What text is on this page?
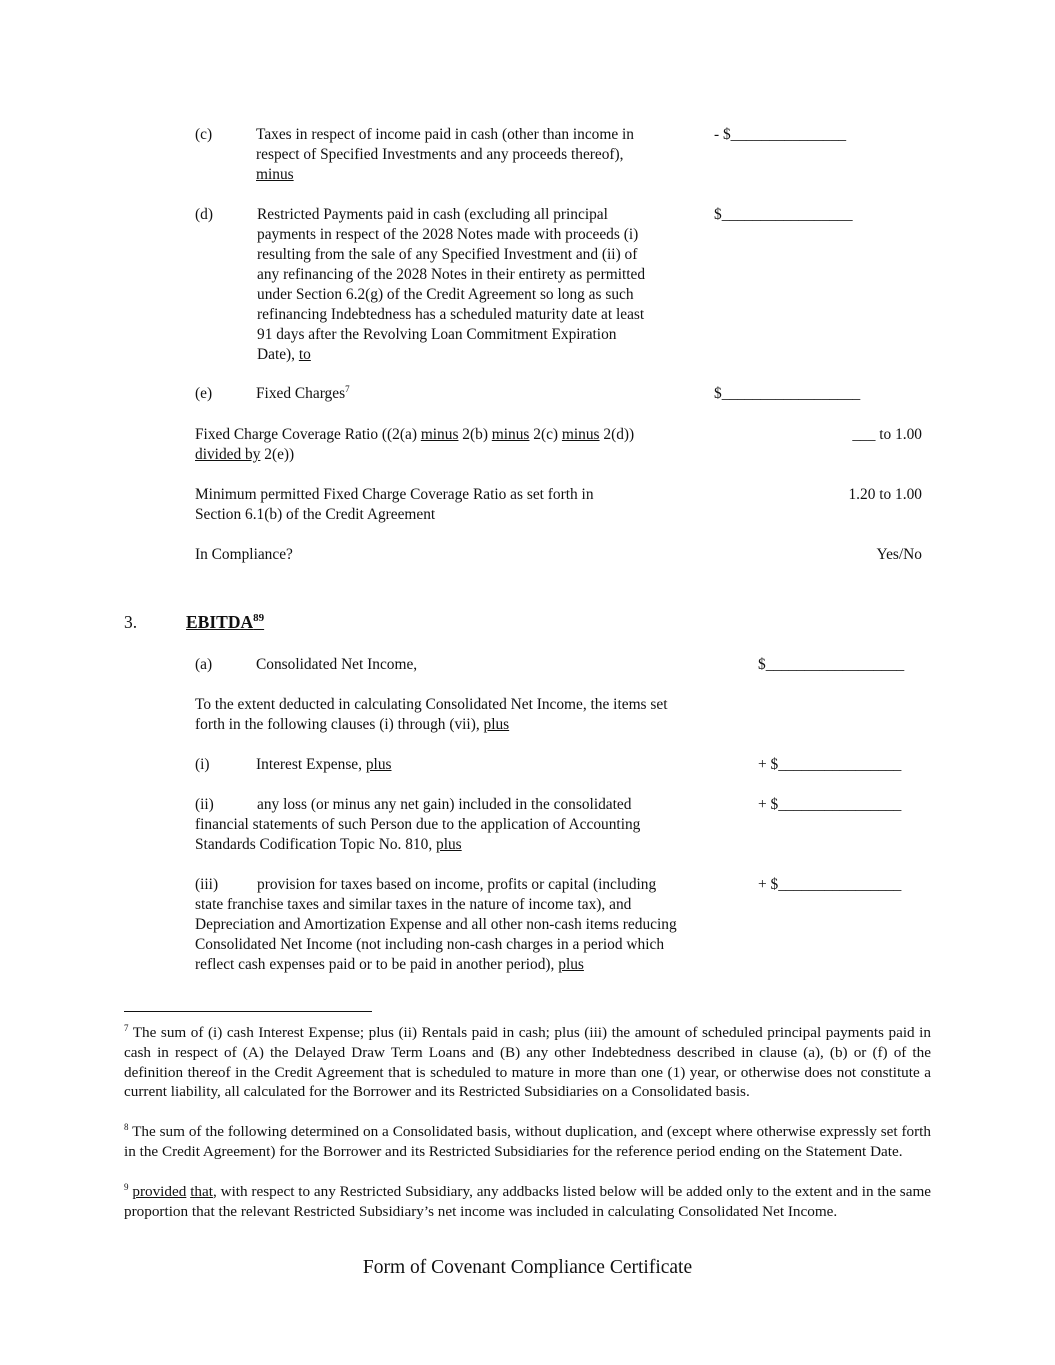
(c)	Taxes in respect of income paid in cash (other than income in
respect of Specified Investments and any proceeds thereof),
minus
- $_______________
(d)	Restricted Payments paid in cash (excluding all principal
payments in respect of the 2028 Notes made with proceeds (i)
resulting from the sale of any Specified Investment and (ii) of
any refinancing of the 2028 Notes in their entirety as permitted
under Section 6.2(g) of the Credit Agreement so long as such
refinancing Indebtedness has a scheduled maturity date at least
91 days after the Revolving Loan Commitment Expiration
Date), to
$_________________
(e)	Fixed Charges$^7$	$__________________
Fixed Charge Coverage Ratio ((2(a) minus 2(b) minus 2(c) minus 2(d))
divided by 2(e))
___ to 1.00
Minimum permitted Fixed Charge Coverage Ratio as set forth in
Section 6.1(b) of the Credit Agreement
1.20 to 1.00
In Compliance?	Yes/No
3.	EBITDA$^{89}$
(a)	Consolidated Net Income,	$__________________
To the extent deducted in calculating Consolidated Net Income, the items set
forth in the following clauses (i) through (vii), plus
(i)	Interest Expense, plus	+ $________________
(ii)	any loss (or minus any net gain) included in the consolidated
financial statements of such Person due to the application of Accounting
Standards Codification Topic No. 810, plus
+ $________________
(iii)	provision for taxes based on income, profits or capital (including
state franchise taxes and similar taxes in the nature of income tax), and
Depreciation and Amortization Expense and all other non-cash items reducing
Consolidated Net Income (not including non-cash charges in a period which
reflect cash expenses paid or to be paid in another period), plus
+ $________________
$^7$ The sum of (i) cash Interest Expense; plus (ii) Rentals paid in cash; plus (iii) the amount of scheduled principal payments paid in cash in respect of (A) the Delayed Draw Term Loans and (B) any other Indebtedness described in clause (a), (b) or (f) of the definition thereof in the Credit Agreement that is scheduled to mature in more than one (1) year, or otherwise does not constitute a current liability, all calculated for the Borrower and its Restricted Subsidiaries on a Consolidated basis.
$^8$ The sum of the following determined on a Consolidated basis, without duplication, and (except where otherwise expressly set forth in the Credit Agreement) for the Borrower and its Restricted Subsidiaries for the reference period ending on the Statement Date.
$^9$ provided that, with respect to any Restricted Subsidiary, any addbacks listed below will be added only to the extent and in the same proportion that the relevant Restricted Subsidiary’s net income was included in calculating Consolidated Net Income.
Form of Covenant Compliance Certificate
